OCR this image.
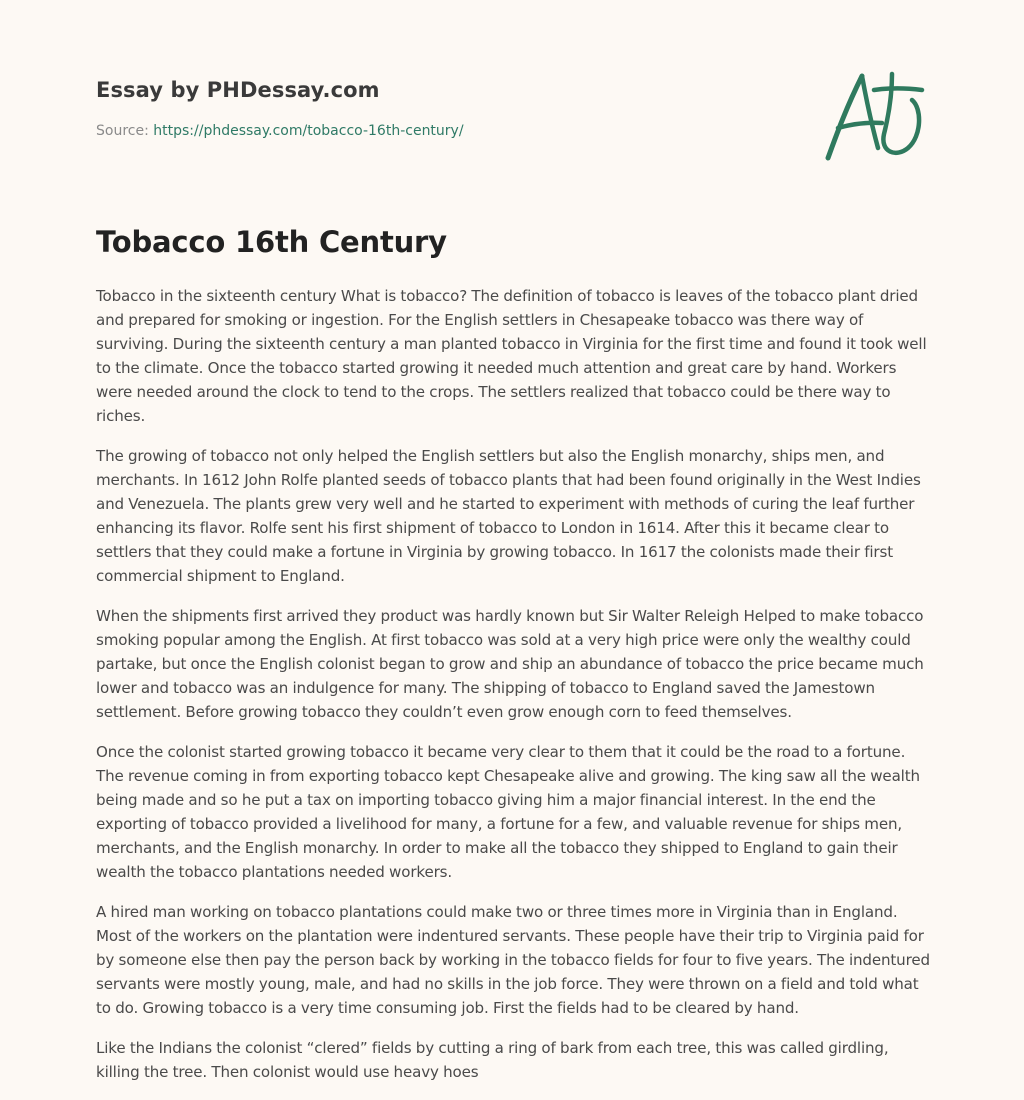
Essay by PHDessay.com
Source: https://phdessay.com/tobacco-16th-century/
Tobacco 16th Century

Tobacco in the sixteenth century What is tobacco? The definition of tobacco is leaves of the tobacco plant dried and prepared for smoking or ingestion. For the English settlers in Chesapeake tobacco was there way of surviving. During the sixteenth century a man planted tobacco in Virginia for the first time and found it took well to the climate. Once the tobacco started growing it needed much attention and great care by hand. Workers were needed around the clock to tend to the crops. The settlers realized that tobacco could be there way to riches.

The growing of tobacco not only helped the English settlers but also the English monarchy, ships men, and merchants. In 1612 John Rolfe planted seeds of tobacco plants that had been found originally in the West Indies and Venezuela. The plants grew very well and he started to experiment with methods of curing the leaf further enhancing its flavor. Rolfe sent his first shipment of tobacco to London in 1614. After this it became clear to settlers that they could make a fortune in Virginia by growing tobacco. In 1617 the colonists made their first commercial shipment to England.

When the shipments first arrived they product was hardly known but Sir Walter Releigh Helped to make tobacco smoking popular among the English. At first tobacco was sold at a very high price were only the wealthy could partake, but once the English colonist began to grow and ship an abundance of tobacco the price became much lower and tobacco was an indulgence for many. The shipping of tobacco to England saved the Jamestown settlement. Before growing tobacco they couldn’t even grow enough corn to feed themselves.

Once the colonist started growing tobacco it became very clear to them that it could be the road to a fortune. The revenue coming in from exporting tobacco kept Chesapeake alive and growing. The king saw all the wealth being made and so he put a tax on importing tobacco giving him a major financial interest. In the end the exporting of tobacco provided a livelihood for many, a fortune for a few, and valuable revenue for ships men, merchants, and the English monarchy. In order to make all the tobacco they shipped to England to gain their wealth the tobacco plantations needed workers.

A hired man working on tobacco plantations could make two or three times more in Virginia than in England. Most of the workers on the plantation were indentured servants. These people have their trip to Virginia paid for by someone else then pay the person back by working in the tobacco fields for four to five years. The indentured servants were mostly young, male, and had no skills in the job force. They were thrown on a field and told what to do. Growing tobacco is a very time consuming job. First the fields had to be cleared by hand.

Like the Indians the colonist “clered” fields by cutting a ring of bark from each tree, this was called girdling, killing the tree. Then colonist would use heavy hoes
